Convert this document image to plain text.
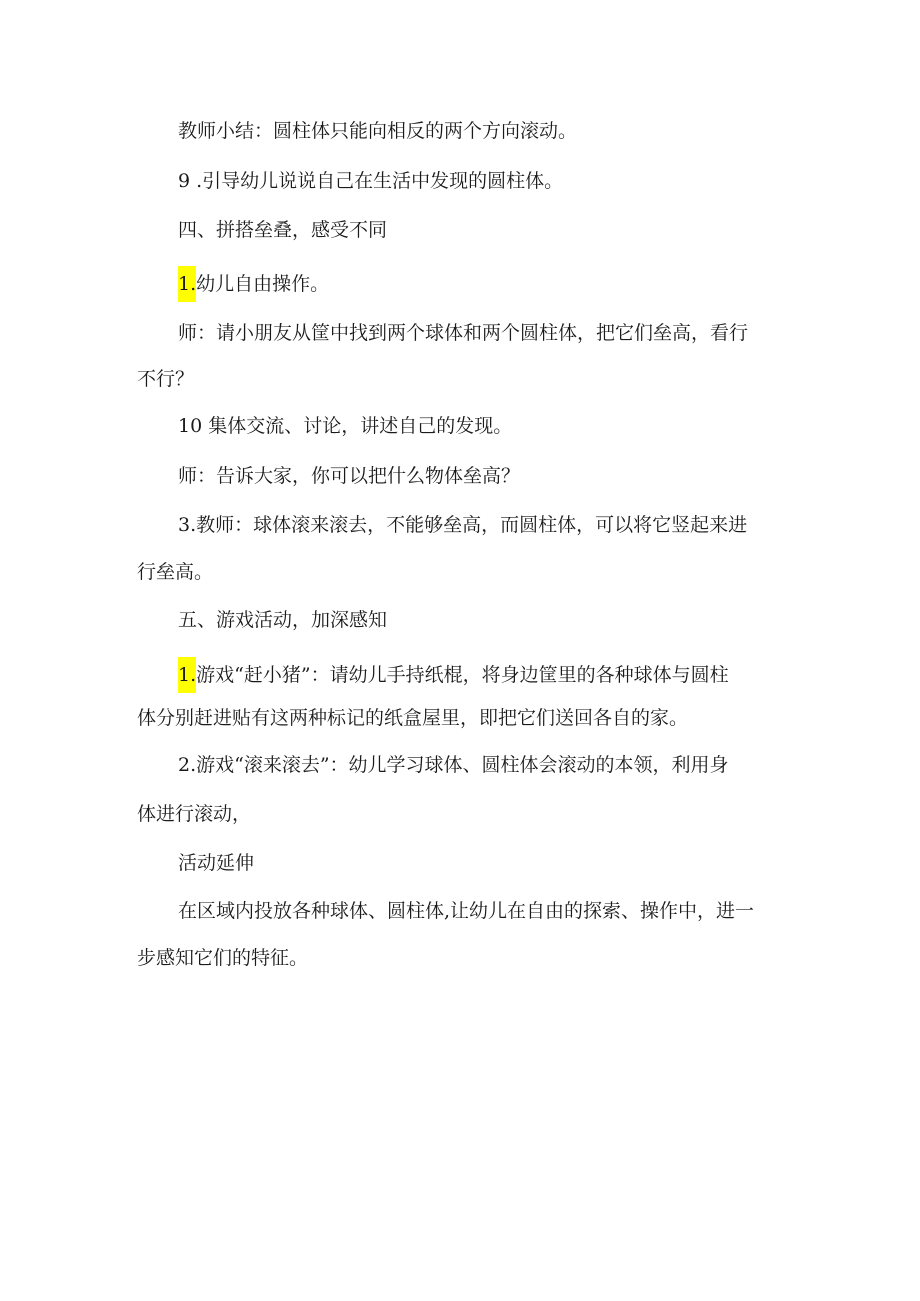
教师小结：圆柱体只能向相反的两个方向滚动。

9 .引导幼儿说说自己在生活中发现的圆柱体。

四、拼搭垒叠，感受不同

1.幼儿自由操作。

师：请小朋友从筐中找到两个球体和两个圆柱体，把它们垒高，看行

不行？

10 集体交流、讨论，讲述自己的发现。

师：告诉大家，你可以把什么物体垒高？

3.教师：球体滚来滚去，不能够垒高，而圆柱体，可以将它竖起来进

行垒高。

五、游戏活动，加深感知

1.游戏“赶小猪”：请幼儿手持纸棍，将身边筐里的各种球体与圆柱

体分别赶进贴有这两种标记的纸盒屋里，即把它们送回各自的家。

2.游戏“滚来滚去”：幼儿学习球体、圆柱体会滚动的本领，利用身

体进行滚动，

活动延伸

在区域内投放各种球体、圆柱体,让幼儿在自由的探索、操作中，进一

步感知它们的特征。
